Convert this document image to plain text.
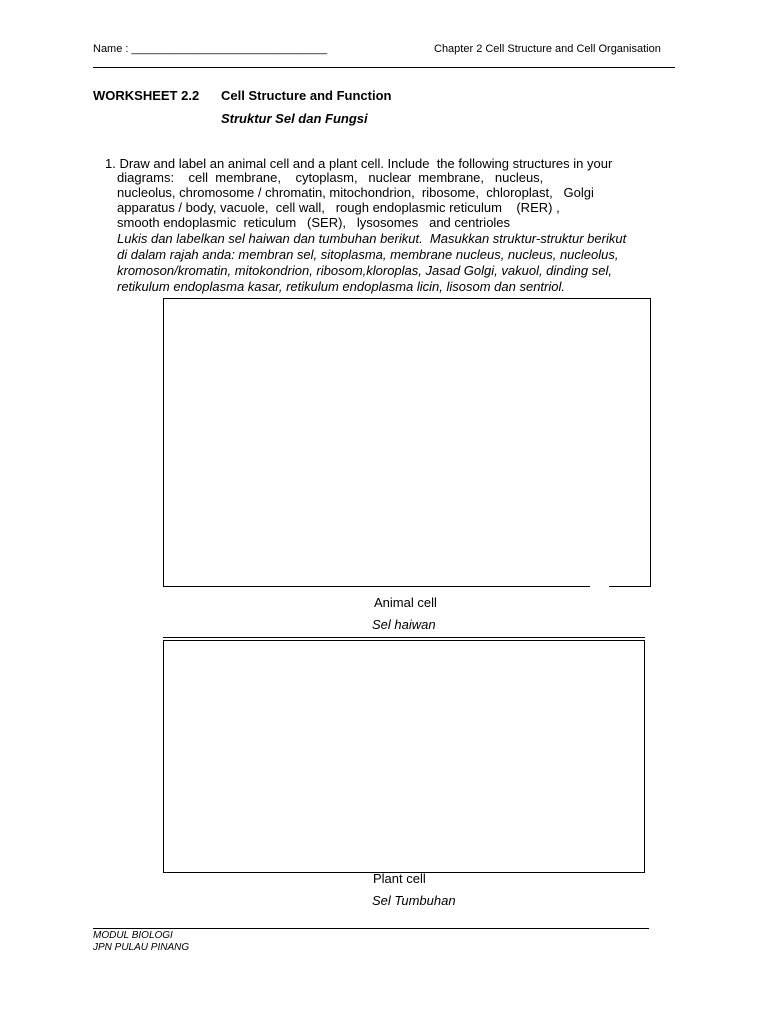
Name : ________________________________	Chapter 2 Cell Structure and Cell Organisation
WORKSHEET 2.2 Cell Structure and Function
Struktur Sel dan Fungsi
1. Draw and label an animal cell and a plant cell. Include  the following structures in your
diagrams:    cell  membrane,    cytoplasm,   nuclear  membrane,   nucleus,
nucleolus, chromosome / chromatin, mitochondrion,  ribosome,  chloroplast,   Golgi
apparatus / body, vacuole,  cell wall,   rough endoplasmic reticulum    (RER) ,
smooth endoplasmic  reticulum   (SER),   lysosomes   and centrioles
Lukis dan labelkan sel haiwan dan tumbuhan berikut.  Masukkan struktur-struktur berikut
di dalam rajah anda: membran sel, sitoplasma, membrane nucleus, nucleus, nucleolus,
kromoson/kromatin, mitokondrion, ribosom,kloroplas, Jasad Golgi, vakuol, dinding sel,
retikulum endoplasma kasar, retikulum endoplasma licin, lisosom dan sentriol.
Animal cell
Sel haiwan
Plant cell
Sel Tumbuhan
MODUL BIOLOGI
JPN PULAU PINANG
